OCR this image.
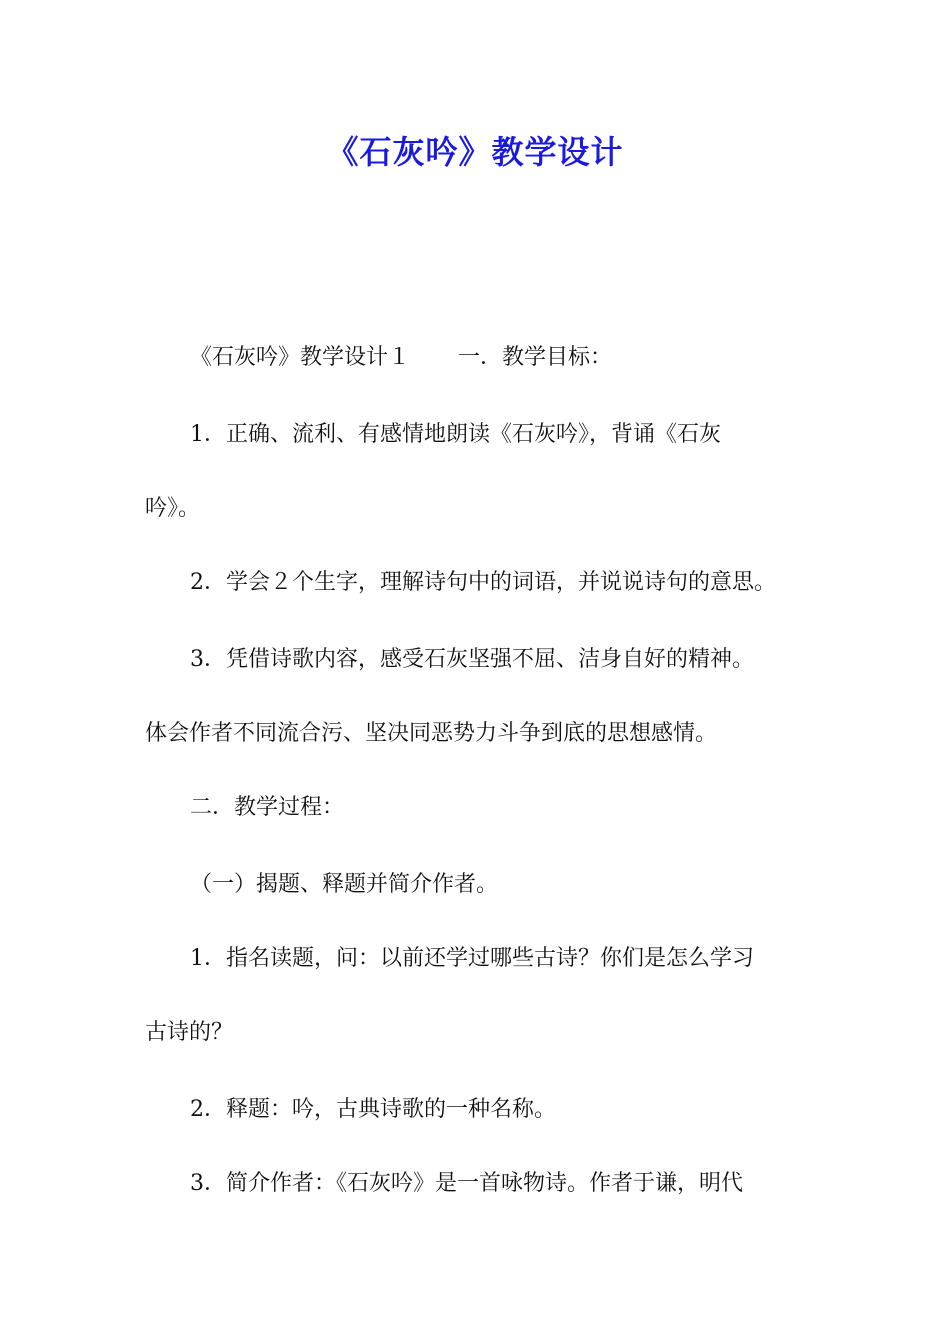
《石灰吟》教学设计
《石灰吟》教学设计１ 一．教学目标：
1．正确、流利、有感情地朗读《石灰吟》，背诵《石灰
吟》。
2．学会２个生字，理解诗句中的词语，并说说诗句的意思。
3．凭借诗歌内容，感受石灰坚强不屈、洁身自好的精神。
体会作者不同流合污、坚决同恶势力斗争到底的思想感情。
二．教学过程：
（一）揭题、释题并简介作者。
1．指名读题，问：以前还学过哪些古诗？你们是怎么学习
古诗的？
2．释题：吟，古典诗歌的一种名称。
3．简介作者：《石灰吟》是一首咏物诗。作者于谦，明代
